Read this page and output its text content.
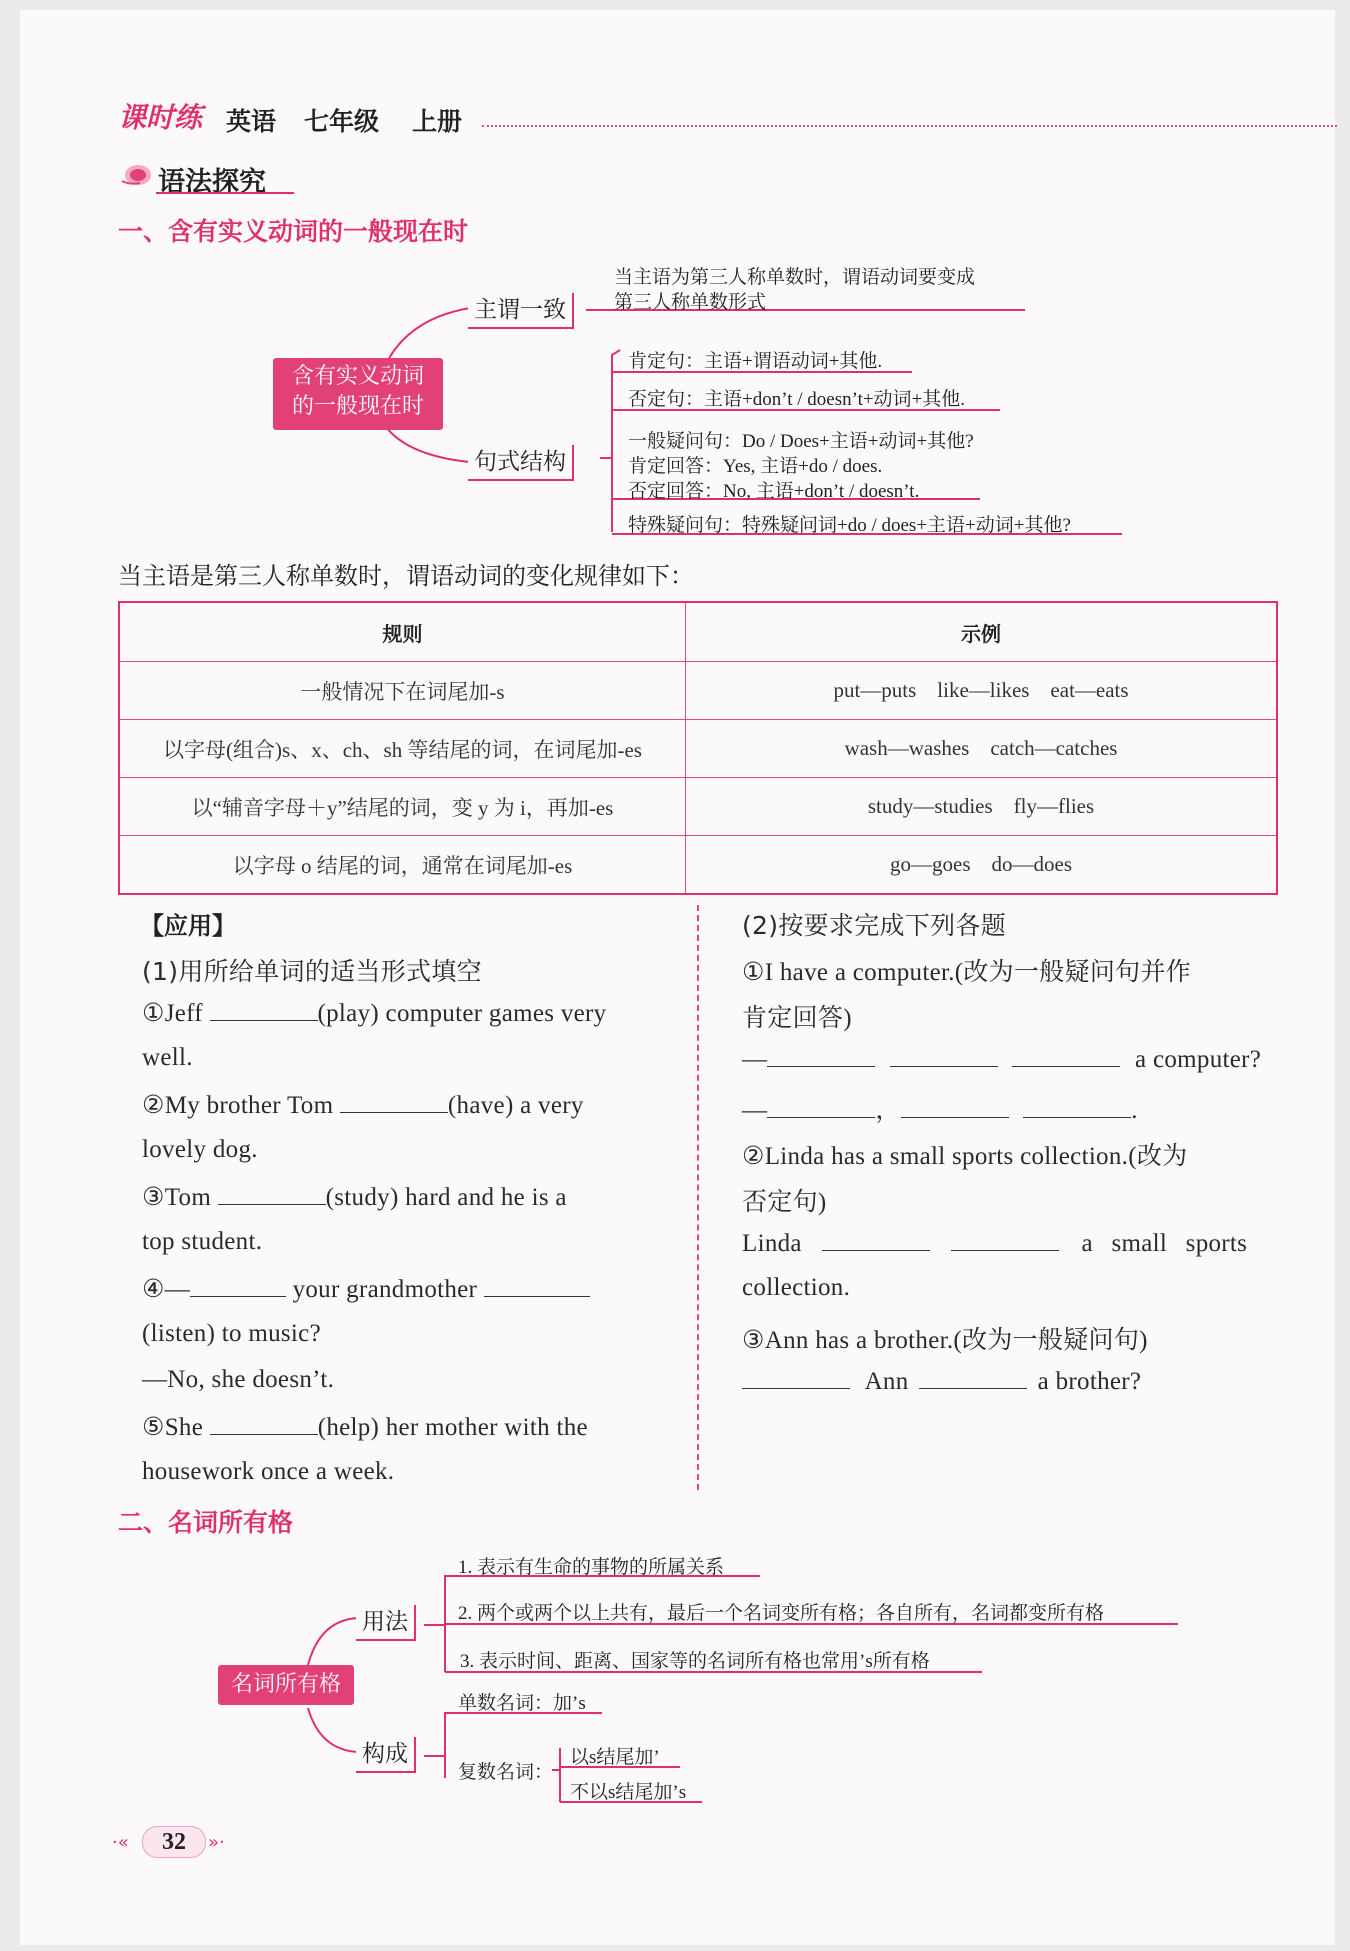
课时练 英语 七年级 上册
语法探究
一、含有实义动词的一般现在时
含有实义动词
的一般现在时
主谓一致
句式结构
当主语为第三人称单数时，谓语动词要变成
第三人称单数形式
肯定句：主语+谓语动词+其他.
否定句：主语+don’t / doesn’t+动词+其他.
一般疑问句：Do / Does+主语+动词+其他?
肯定回答：Yes, 主语+do / does.
否定回答：No, 主语+don’t / doesn’t.
特殊疑问句：特殊疑问词+do / does+主语+动词+其他?
当主语是第三人称单数时，谓语动词的变化规律如下：
规则	示例
一般情况下在词尾加-s	put—puts    like—likes    eat—eats
以字母(组合)s、x、ch、sh 等结尾的词，在词尾加-es	wash—washes    catch—catches
以“辅音字母＋y”结尾的词，变 y 为 i，再加-es	study—studies    fly—flies
以字母 o 结尾的词，通常在词尾加-es	go—goes    do—does
【应用】
(1)用所给单词的适当形式填空
①Jeff	(play) computer games very
well.
②My brother Tom	(have) a very
lovely dog.
③Tom	(study) hard and he is a
top student.
④—	your grandmother
(listen) to music?
—No, she doesn’t.
⑤She	(help) her mother with the
housework once a week.
(2)按要求完成下列各题
①I have a computer.(改为一般疑问句并作
肯定回答)
—	a computer?
—	，	.
②Linda has a small sports collection.(改为
否定句)
Linda	a small sports
collection.
③Ann has a brother.(改为一般疑问句)
Ann	a brother?
二、名词所有格
名词所有格
用法
构成
1. 表示有生命的事物的所属关系
2. 两个或两个以上共有，最后一个名词变所有格；各自所有，名词都变所有格
3. 表示时间、距离、国家等的名词所有格也常用’s所有格
单数名词：加’s
复数名词：
以s结尾加’
不以s结尾加’s
·«	32	»·
